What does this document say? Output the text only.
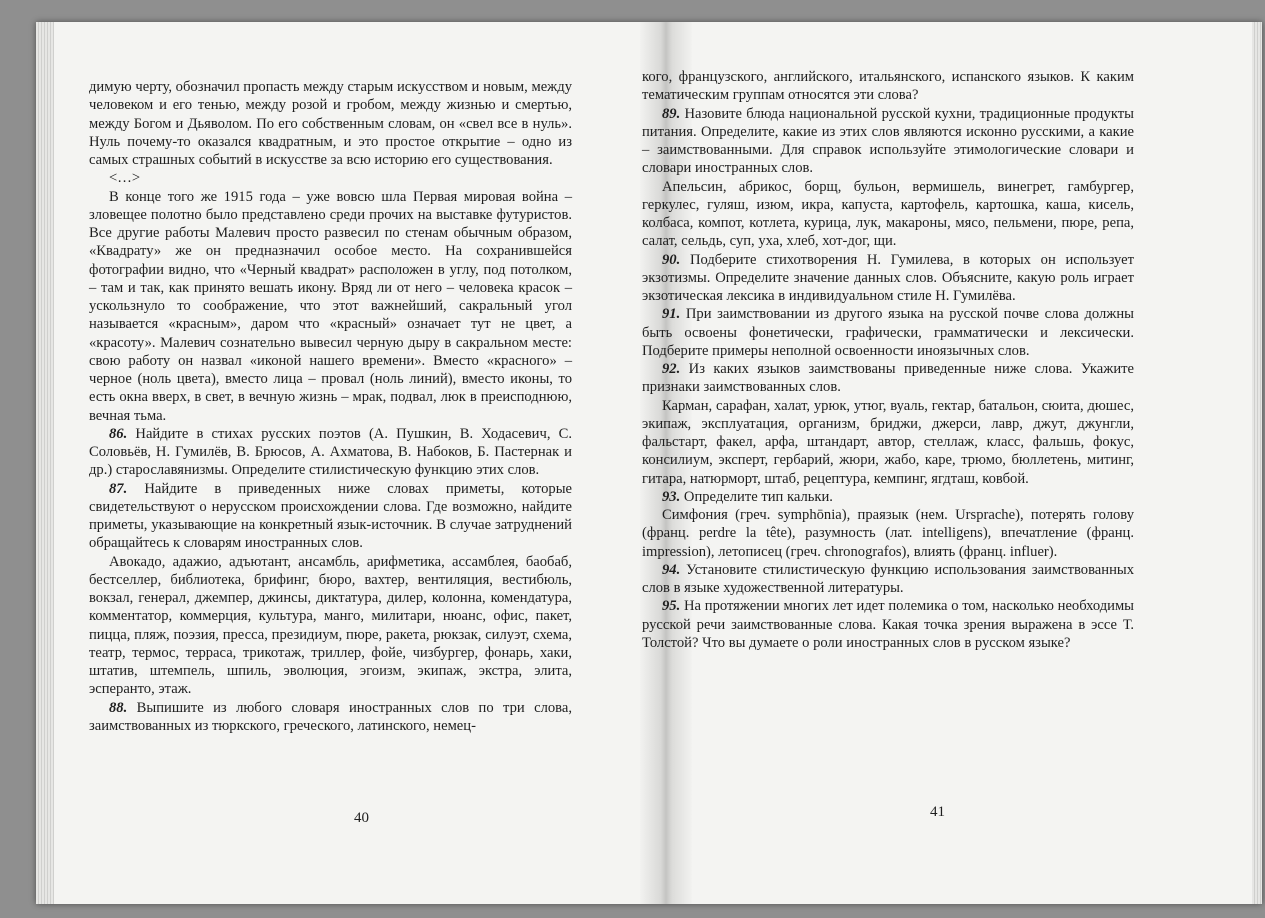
димую черту, обозначил пропасть между старым искусством и новым, между человеком и его тенью, между розой и гробом, между жизнью и смертью, между Богом и Дьяволом. По его собственным словам, он «свел все в нуль». Нуль почему-то оказался квадратным, и это простое открытие – одно из самых страшных событий в искусстве за всю историю его существования.

<…>

В конце того же 1915 года – уже вовсю шла Первая мировая война – зловещее полотно было представлено среди прочих на выставке футуристов. Все другие работы Малевич просто развесил по стенам обычным образом, «Квадрату» же он предназначил особое место. На сохранившейся фотографии видно, что «Черный квадрат» расположен в углу, под потолком, – там и так, как принято вешать икону. Вряд ли от него – человека красок – ускользнуло то соображение, что этот важнейший, сакральный угол называется «красным», даром что «красный» означает тут не цвет, а «красоту». Малевич сознательно вывесил черную дыру в сакральном месте: свою работу он назвал «иконой нашего времени». Вместо «красного» – черное (ноль цвета), вместо лица – провал (ноль линий), вместо иконы, то есть окна вверх, в свет, в вечную жизнь – мрак, подвал, люк в преисподнюю, вечная тьма.

86. Найдите в стихах русских поэтов (А. Пушкин, В. Ходасевич, С. Соловьёв, Н. Гумилёв, В. Брюсов, А. Ахматова, В. Набоков, Б. Пастернак и др.) старославянизмы. Определите стилистическую функцию этих слов.

87. Найдите в приведенных ниже словах приметы, которые свидетельствуют о нерусском происхождении слова. Где возможно, найдите приметы, указывающие на конкретный язык-источник. В случае затруднений обращайтесь к словарям иностранных слов.

Авокадо, адажио, адъютант, ансамбль, арифметика, ассамблея, баобаб, бестселлер, библиотека, брифинг, бюро, вахтер, вентиляция, вестибюль, вокзал, генерал, джемпер, джинсы, диктатура, дилер, колонна, комендатура, комментатор, коммерция, культура, манго, милитари, нюанс, офис, пакет, пицца, пляж, поэзия, пресса, президиум, пюре, ракета, рюкзак, силуэт, схема, театр, термос, терраса, трикотаж, триллер, фойе, чизбургер, фонарь, хаки, штатив, штемпель, шпиль, эволюция, эгоизм, экипаж, экстра, элита, эсперанто, этаж.

88. Выпишите из любого словаря иностранных слов по три слова, заимствованных из тюркского, греческого, латинского, немец-

кого, французского, английского, итальянского, испанского языков. К каким тематическим группам относятся эти слова?

89. Назовите блюда национальной русской кухни, традиционные продукты питания. Определите, какие из этих слов являются исконно русскими, а какие – заимствованными. Для справок используйте этимологические словари и словари иностранных слов.

Апельсин, абрикос, борщ, бульон, вермишель, винегрет, гамбургер, геркулес, гуляш, изюм, икра, капуста, картофель, картошка, каша, кисель, колбаса, компот, котлета, курица, лук, макароны, мясо, пельмени, пюре, репа, салат, сельдь, суп, уха, хлеб, хот-дог, щи.

90. Подберите стихотворения Н. Гумилева, в которых он использует экзотизмы. Определите значение данных слов. Объясните, какую роль играет экзотическая лексика в индивидуальном стиле Н. Гумилёва.

91. При заимствовании из другого языка на русской почве слова должны быть освоены фонетически, графически, грамматически и лексически. Подберите примеры неполной освоенности иноязычных слов.

92. Из каких языков заимствованы приведенные ниже слова. Укажите признаки заимствованных слов.

Карман, сарафан, халат, урюк, утюг, вуаль, гектар, батальон, сюита, дюшес, экипаж, эксплуатация, организм, бриджи, джерси, лавр, джут, джунгли, фальстарт, факел, арфа, штандарт, автор, стеллаж, класс, фальшь, фокус, консилиум, эксперт, гербарий, жюри, жабо, каре, трюмо, бюллетень, митинг, гитара, натюрморт, штаб, рецептура, кемпинг, ягдташ, ковбой.

93. Определите тип кальки.

Симфония (греч. symphōnia), праязык (нем. Ursprache), потерять голову (франц. perdre la tête), разумность (лат. intelligens), впечатление (франц. impression), летописец (греч. chronografos), влиять (франц. influer).

94. Установите стилистическую функцию использования заимствованных слов в языке художественной литературы.

95. На протяжении многих лет идет полемика о том, насколько необходимы русской речи заимствованные слова. Какая точка зрения выражена в эссе Т. Толстой? Что вы думаете о роли иностранных слов в русском языке?

40	41
